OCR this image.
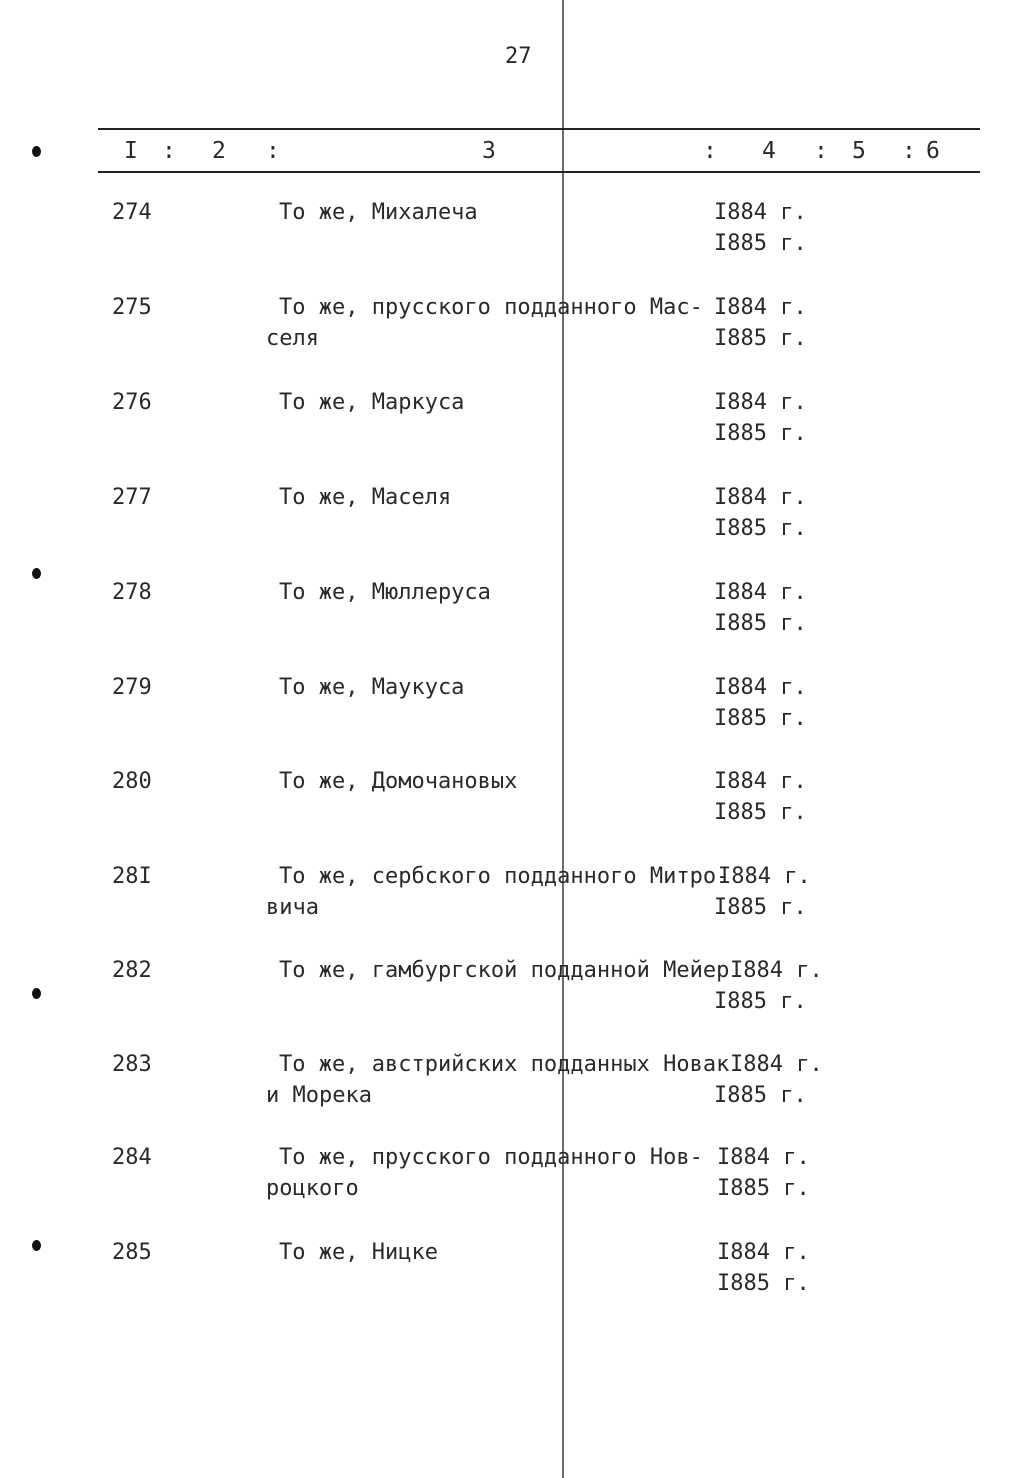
27
I : 2 :	3	: 4 : 5 : 6
274	То же, Михалеча	I884 г.
I885 г.
275	То же, прусского подданного Мас-
селя
I884 г.
I885 г.
276	То же, Маркуса	I884 г.
I885 г.
277	То же, Маселя	I884 г.
I885 г.
278	То же, Мюллеруса	I884 г.
I885 г.
279	То же, Маукуса	I884 г.
I885 г.
280	То же, Домочановых	I884 г.
I885 г.
28I	То же, сербского подданного Митро-
вича
I884 г.
I885 г.
282	То же, гамбургской подданной Мейер I884 г.
I885 г.
283	То же, австрийских подданных Новак
и Морека
I884 г.
I885 г.
284	То же, прусского подданного Нов-
роцкого
I884 г.
I885 г.
285	То же, Ницке	I884 г.
I885 г.
